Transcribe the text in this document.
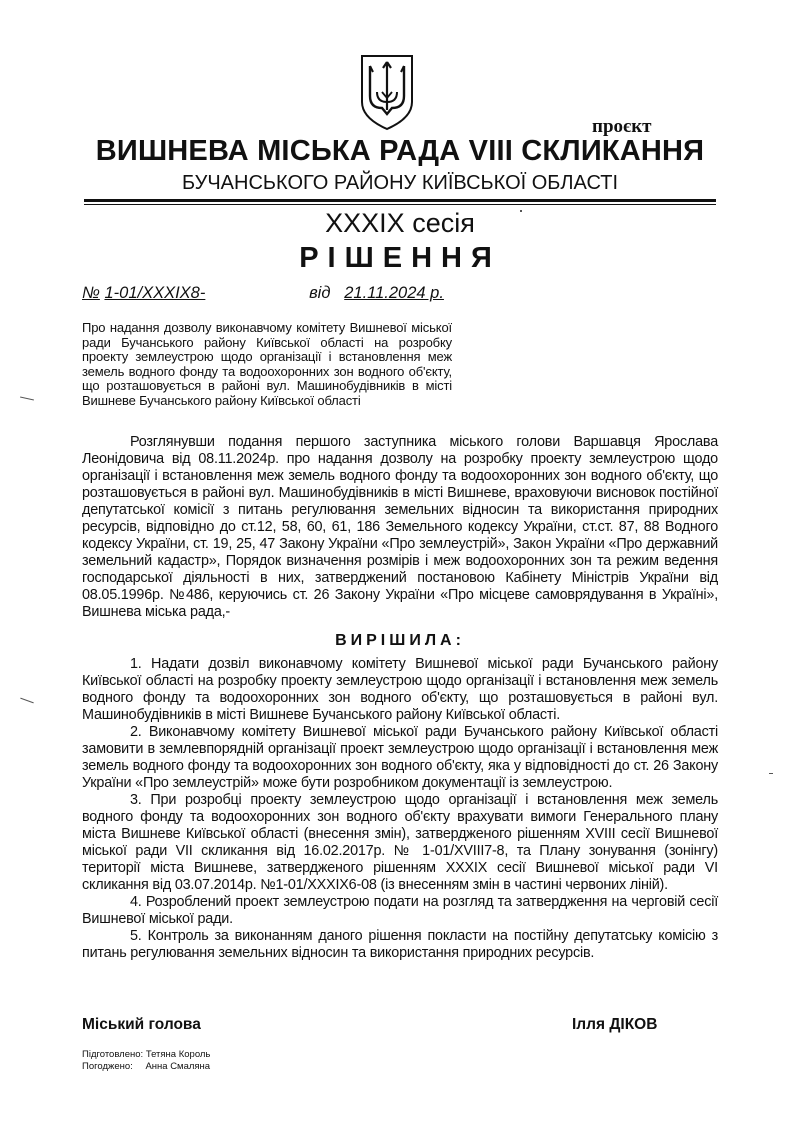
проєкт
ВИШНЕВА МІСЬКА РАДА VIII СКЛИКАННЯ
БУЧАНСЬКОГО РАЙОНУ КИЇВСЬКОЇ ОБЛАСТІ
XXXIX сесія
РІШЕННЯ
№ 1-01/XXXIX8-	від 21.11.2024 р.
Про надання дозволу виконавчому комітету Вишневої міської ради Бучанського району Київської області на розробку проекту землеустрою щодо організації і встановлення меж земель водного фонду та водоохоронних зон водного об'єкту, що розташовується в районі вул. Машинобудівників в місті Вишневе Бучанського району Київської області

Розглянувши подання першого заступника міського голови Варшавця Ярослава Леонідовича від 08.11.2024р. про надання дозволу на розробку проекту землеустрою щодо організації і встановлення меж земель водного фонду та водоохоронних зон водного об'єкту, що розташовується в районі вул. Машинобудівників в місті Вишневе, враховуючи висновок постійної депутатської комісії з питань регулювання земельних відносин та використання природних ресурсів, відповідно до ст.12, 58, 60, 61, 186 Земельного кодексу України, ст.ст. 87, 88 Водного кодексу України, ст. 19, 25, 47 Закону України «Про землеустрій», Закон України «Про державний земельний кадастр», Порядок визначення розмірів і меж водоохоронних зон та режим ведення господарської діяльності в них, затверджений постановою Кабінету Міністрів України від 08.05.1996р. №486, керуючись ст. 26 Закону України «Про місцеве самоврядування в Україні», Вишнева міська рада,-

ВИРІШИЛА:

1. Надати дозвіл виконавчому комітету Вишневої міської ради Бучанського району Київської області на розробку проекту землеустрою щодо організації і встановлення меж земель водного фонду та водоохоронних зон водного об'єкту, що розташовується в районі вул. Машинобудівників в місті Вишневе Бучанського району Київської області.

2. Виконавчому комітету Вишневої міської ради Бучанського району Київської області замовити в землевпорядній організації проект землеустрою щодо організації і встановлення меж земель водного фонду та водоохоронних зон водного об'єкту, яка у відповідності до ст. 26 Закону України «Про землеустрій» може бути розробником документації із землеустрою.

3. При розробці проекту землеустрою щодо організації і встановлення меж земель водного фонду та водоохоронних зон водного об'єкту врахувати вимоги Генерального плану міста Вишневе Київської області (внесення змін), затвердженого рішенням XVIII сесії Вишневої міської ради VII скликання від 16.02.2017р. № 1-01/XVIII7-8, та Плану зонування (зонінгу) території міста Вишневе, затвердженого рішенням XXXIX сесії Вишневої міської ради VI скликання від 03.07.2014р. №1-01/XXXIX6-08 (із внесенням змін в частині червоних ліній).

4. Розроблений проект землеустрою подати на розгляд та затвердження на черговій сесії Вишневої міської ради.

5. Контроль за виконанням даного рішення покласти на постійну депутатську комісію з питань регулювання земельних відносин та використання природних ресурсів.

Міський голова	Ілля ДІКОВ
Підготовлено: Тетяна Король
Погоджено: Анна Смаляна
